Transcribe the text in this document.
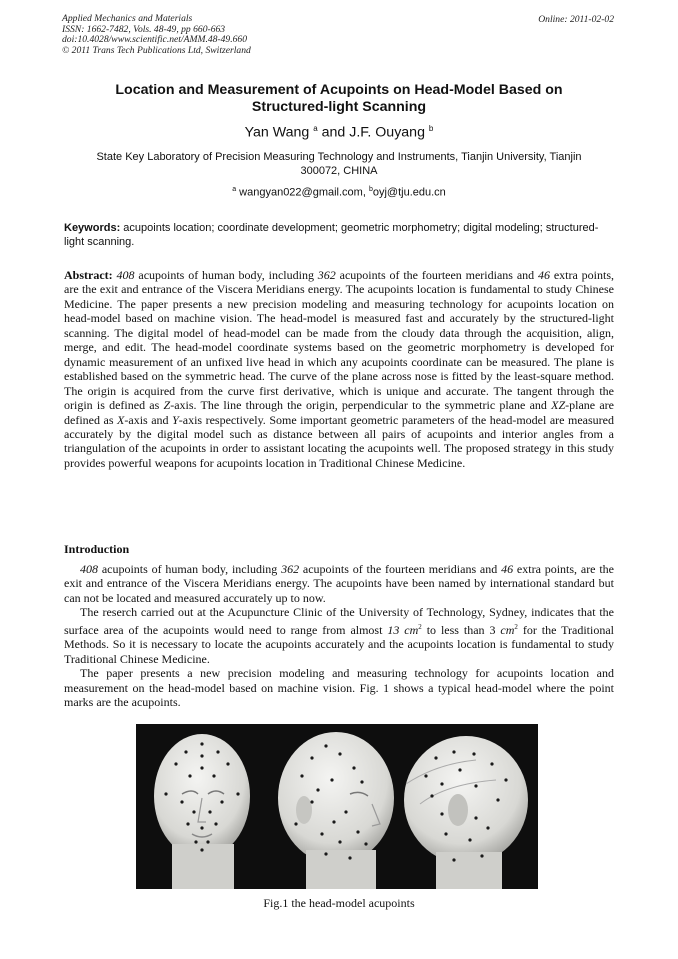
Applied Mechanics and Materials
ISSN: 1662-7482, Vols. 48-49, pp 660-663
doi:10.4028/www.scientific.net/AMM.48-49.660
© 2011 Trans Tech Publications Ltd, Switzerland
Online: 2011-02-02
Location and Measurement of Acupoints on Head-Model Based on
Structured-light Scanning
Yan Wang $^a$ and J.F. Ouyang $^b$
State Key Laboratory of Precision Measuring Technology and Instruments, Tianjin University, Tianjin
300072, CHINA
$^a$ wangyan022@gmail.com, $^b$oyj@tju.edu.cn
Keywords: acupoints location; coordinate development; geometric morphometry; digital modeling; structured-light scanning.
Abstract: 408 acupoints of human body, including 362 acupoints of the fourteen meridians and 46 extra points, are the exit and entrance of the Viscera Meridians energy. The acupoints location is fundamental to study Chinese Medicine. The paper presents a new precision modeling and measuring technology for acupoints location on head-model based on machine vision. The head-model is measured fast and accurately by the structured-light scanning. The digital model of head-model can be made from the cloudy data through the acquisition, align, merge, and edit. The head-model coordinate systems based on the geometric morphometry is developed for dynamic measurement of an unfixed live head in which any acupoints coordinate can be measured. The plane is established based on the symmetric head. The curve of the plane across nose is fitted by the least-square method. The origin is acquired from the curve first derivative, which is unique and accurate. The tangent through the origin is defined as Z-axis. The line through the origin, perpendicular to the symmetric plane and XZ-plane are defined as X-axis and Y-axis respectively. Some important geometric parameters of the head-model are measured accurately by the digital model such as distance between all pairs of acupoints and interior angles from a triangulation of the acupoints in order to assistant locating the acupoints well. The proposed strategy in this study provides powerful weapons for acupoints location in Traditional Chinese Medicine.
Introduction

408 acupoints of human body, including 362 acupoints of the fourteen meridians and 46 extra points, are the exit and entrance of the Viscera Meridians energy. The acupoints have been named by international standard but can not be located and measured accurately up to now.

The reserch carried out at the Acupuncture Clinic of the University of Technology, Sydney, indicates that the surface area of the acupoints would need to range from almost 13 $cm^2$ to less than 3 $cm^2$ for the Traditional Methods. So it is necessary to locate the acupoints accurately and the acupoints location is fundamental to study Traditional Chinese Medicine.

The paper presents a new precision modeling and measuring technology for acupoints location and measurement on the head-model based on machine vision. Fig. 1 shows a typical head-model where the point marks are the acupoints.

Fig.1 the head-model acupoints
